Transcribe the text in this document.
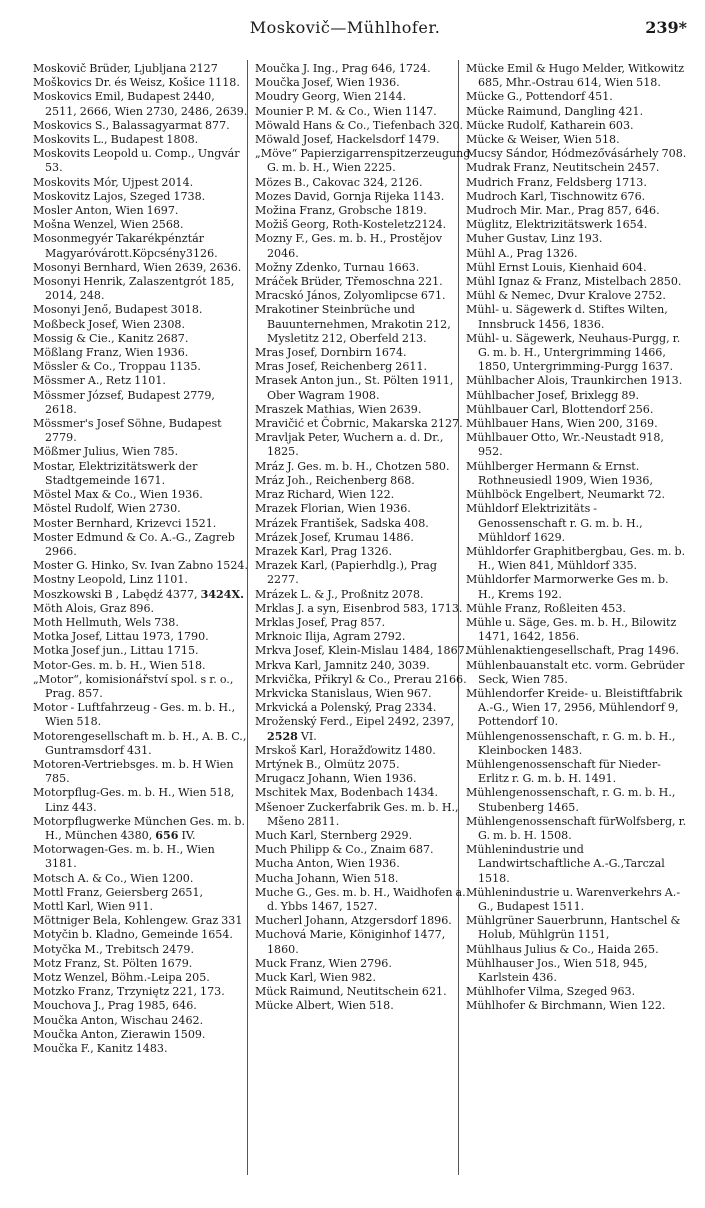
Moskovič—Mühlhofer.	239*
Moskovič Brüder, Ljubljana 2127
Moškovics Dr. és Weisz, Košice 1118.
Moskovics Emil, Budapest 2440, 2511, 2666, Wien 2730, 2486, 2639.
Moskovics S., Balassagyarmat 877.
Moskovits L., Budapest 1808.
Moskovits Leopold u. Comp., Ungvár 53.
Moskovits Mór, Ujpest 2014.
Moskovitz Lajos, Szeged 1738.
Mosler Anton, Wien 1697.
Mošna Wenzel, Wien 2568.
Mosonmegyér Takarékpénztár Magyaróvárott.Köpcsény3126.
Mosonyi Bernhard, Wien 2639, 2636.
Mosonyi Henrik, Zalaszentgrót 185, 2014, 248.
Mosonyi Jenő, Budapest 3018.
Moßbeck Josef, Wien 2308.
Mossig & Cie., Kanitz 2687.
Mößlang Franz, Wien 1936.
Mössler & Co., Troppau 1135.
Mössmer A., Retz 1101.
Mössmer József, Budapest 2779, 2618.
Mössmer's Josef Söhne, Budapest 2779.
Mößmer Julius, Wien 785.
Mostar, Elektrizitätswerk der Stadtgemeinde 1671.
Möstel Max & Co., Wien 1936.
Möstel Rudolf, Wien 2730.
Moster Bernhard, Krizevci 1521.
Moster Edmund & Co. A.-G., Zagreb 2966.
Moster G. Hinko, Sv. Ivan Zabno 1524.
Mostny Leopold, Linz 1101.
Moszkowski B , Labędź 4377, 3424X.
Möth Alois, Graz 896.
Moth Hellmuth, Wels 738.
Motka Josef, Littau 1973, 1790.
Motka Josef jun., Littau 1715.
Motor-Ges. m. b. H., Wien 518.
„Motor“, komisionářství spol. s r. o., Prag. 857.
Motor - Luftfahrzeug - Ges. m. b. H., Wien 518.
Motorengesellschaft m. b. H., A. B. C., Guntramsdorf 431.
Motoren-Vertriebsges. m. b. H Wien 785.
Motorpflug-Ges. m. b. H., Wien 518, Linz 443.
Motorpflugwerke München Ges. m. b. H., München 4380, 656 IV.
Motorwagen-Ges. m. b. H., Wien 3181.
Motsch A. & Co., Wien 1200.
Mottl Franz, Geiersberg 2651,
Mottl Karl, Wien 911.
Möttniger Bela, Kohlengew. Graz 331
Motyčin b. Kladno, Gemeinde 1654.
Motyčka M., Trebitsch 2479.
Motz Franz, St. Pölten 1679.
Motz Wenzel, Böhm.-Leipa 205.
Motzko Franz, Trzyniętz 221, 173.
Mouchova J., Prag 1985, 646.
Moučka Anton, Wischau 2462.
Moučka Anton, Zierawin 1509.
Moučka F., Kanitz 1483.
Moučka J. Ing., Prag 646, 1724.
Moučka Josef, Wien 1936.
Moudry Georg, Wien 2144.
Mounier P. M. & Co., Wien 1147.
Möwald Hans & Co., Tiefenbach 320.
Möwald Josef, Hackelsdorf 1479.
„Möve“ Papierzigarrenspitzerzeugung G. m. b. H., Wien 2225.
Mözes B., Cakovac 324, 2126.
Mozes David, Gornja Rijeka 1143.
Možina Franz, Grobsche 1819.
Možiš Georg, Roth-Kosteletz2124.
Mozny F., Ges. m. b. H., Prostějov 2046.
Možny Zdenko, Turnau 1663.
Mráček Brüder, Třemoschna 221.
Mracskó János, Zolyomlipcse 671.
Mrakotiner Steinbrüche und Bauunternehmen, Mrakotin 212, Mysletitz 212, Oberfeld 213.
Mras Josef, Dornbirn 1674.
Mras Josef, Reichenberg 2611.
Mrasek Anton jun., St. Pölten 1911, Ober Wagram 1908.
Mraszek Mathias, Wien 2639.
Mravičić et Čobrnic, Makarska 2127.
Mravljak Peter, Wuchern a. d. Dr., 1825.
Mráz J. Ges. m. b. H., Chotzen 580.
Mráz Joh., Reichenberg 868.
Mraz Richard, Wien 122.
Mrazek Florian, Wien 1936.
Mrázek František, Sadska 408.
Mrázek Josef, Krumau 1486.
Mrazek Karl, Prag 1326.
Mrazek Karl, (Papierhdlg.), Prag 2277.
Mrázek L. & J., Proßnitz 2078.
Mrklas J. a syn, Eisenbrod 583, 1713.
Mrklas Josef, Prag 857.
Mrknoic Ilija, Agram 2792.
Mrkva Josef, Klein-Mislau 1484, 1867.
Mrkva Karl, Jamnitz 240, 3039.
Mrkvička, Přikryl & Co., Prerau 2166.
Mrkvicka Stanislaus, Wien 967.
Mrkvická a Polenský, Prag 2334.
Mroženský Ferd., Eipel 2492, 2397, 2528 VI.
Mrskoš Karl, Horažďowitz 1480.
Mrtýnek B., Olmütz 2075.
Mrugacz Johann, Wien 1936.
Mschitek Max, Bodenbach 1434.
Mšenoer Zuckerfabrik Ges. m. b. H., Mšeno 2811.
Much Karl, Sternberg 2929.
Much Philipp & Co., Znaim 687.
Mucha Anton, Wien 1936.
Mucha Johann, Wien 518.
Muche G., Ges. m. b. H., Waidhofen a. d. Ybbs 1467, 1527.
Mucherl Johann, Atzgersdorf 1896.
Muchová Marie, Königinhof 1477, 1860.
Muck Franz, Wien 2796.
Muck Karl, Wien 982.
Mück Raimund, Neutitschein 621.
Mücke Albert, Wien 518.
Mücke Emil & Hugo Melder, Witkowitz 685, Mhr.-Ostrau 614, Wien 518.
Mücke G., Pottendorf 451.
Mücke Raimund, Dangling 421.
Mücke Rudolf, Katharein 603.
Mücke & Weiser, Wien 518.
Mucsy Sándor, Hódmezővásárhely 708.
Mudrak Franz, Neutitschein 2457.
Mudrich Franz, Feldsberg 1713.
Mudroch Karl, Tischnowitz 676.
Mudroch Mir. Mar., Prag 857, 646.
Müglitz, Elektrizitätswerk 1654.
Muher Gustav, Linz 193.
Mühl A., Prag 1326.
Mühl Ernst Louis, Kienhaid 604.
Mühl Ignaz & Franz, Mistelbach 2850.
Mühl & Nemec, Dvur Kralove 2752.
Mühl- u. Sägewerk d. Stiftes Wilten, Innsbruck 1456, 1836.
Mühl- u. Sägewerk, Neuhaus-Purgg, r. G. m. b. H., Untergrimming 1466, 1850, Untergrimming-Purgg 1637.
Mühlbacher Alois, Traunkirchen 1913.
Mühlbacher Josef, Brixlegg 89.
Mühlbauer Carl, Blottendorf 256.
Mühlbauer Hans, Wien 200, 3169.
Mühlbauer Otto, Wr.-Neustadt 918, 952.
Mühlberger Hermann & Ernst. Rothneusiedl 1909, Wien 1936,
Mühlböck Engelbert, Neumarkt 72.
Mühldorf Elektrizitäts - Genossenschaft r. G. m. b. H., Mühldorf 1629.
Mühldorfer Graphitbergbau, Ges. m. b. H., Wien 841, Mühldorf 335.
Mühldorfer Marmorwerke Ges m. b. H., Krems 192.
Mühle Franz, Roßleiten 453.
Mühle u. Säge, Ges. m. b. H., Bilowitz 1471, 1642, 1856.
Mühlenaktiengesellschaft, Prag 1496.
Mühlenbauanstalt etc. vorm. Gebrüder Seck, Wien 785.
Mühlendorfer Kreide- u. Bleistiftfabrik A.-G., Wien 17, 2956, Mühlendorf 9, Pottendorf 10.
Mühlengenossenschaft, r. G. m. b. H., Kleinbocken 1483.
Mühlengenossenschaft für Nieder-Erlitz r. G. m. b. H. 1491.
Mühlengenossenschaft, r. G. m. b. H., Stubenberg 1465.
Mühlengenossenschaft fürWolfsberg, r. G. m. b. H. 1508.
Mühlenindustrie und Landwirtschaftliche A.-G.,Tarczal 1518.
Mühlenindustrie u. Warenverkehrs A.-G., Budapest 1511.
Mühlgrüner Sauerbrunn, Hantschel & Holub, Mühlgrün 1151,
Mühlhaus Julius & Co., Haida 265.
Mühlhauser Jos., Wien 518, 945, Karlstein 436.
Mühlhofer Vilma, Szeged 963.
Mühlhofer & Birchmann, Wien 122.
